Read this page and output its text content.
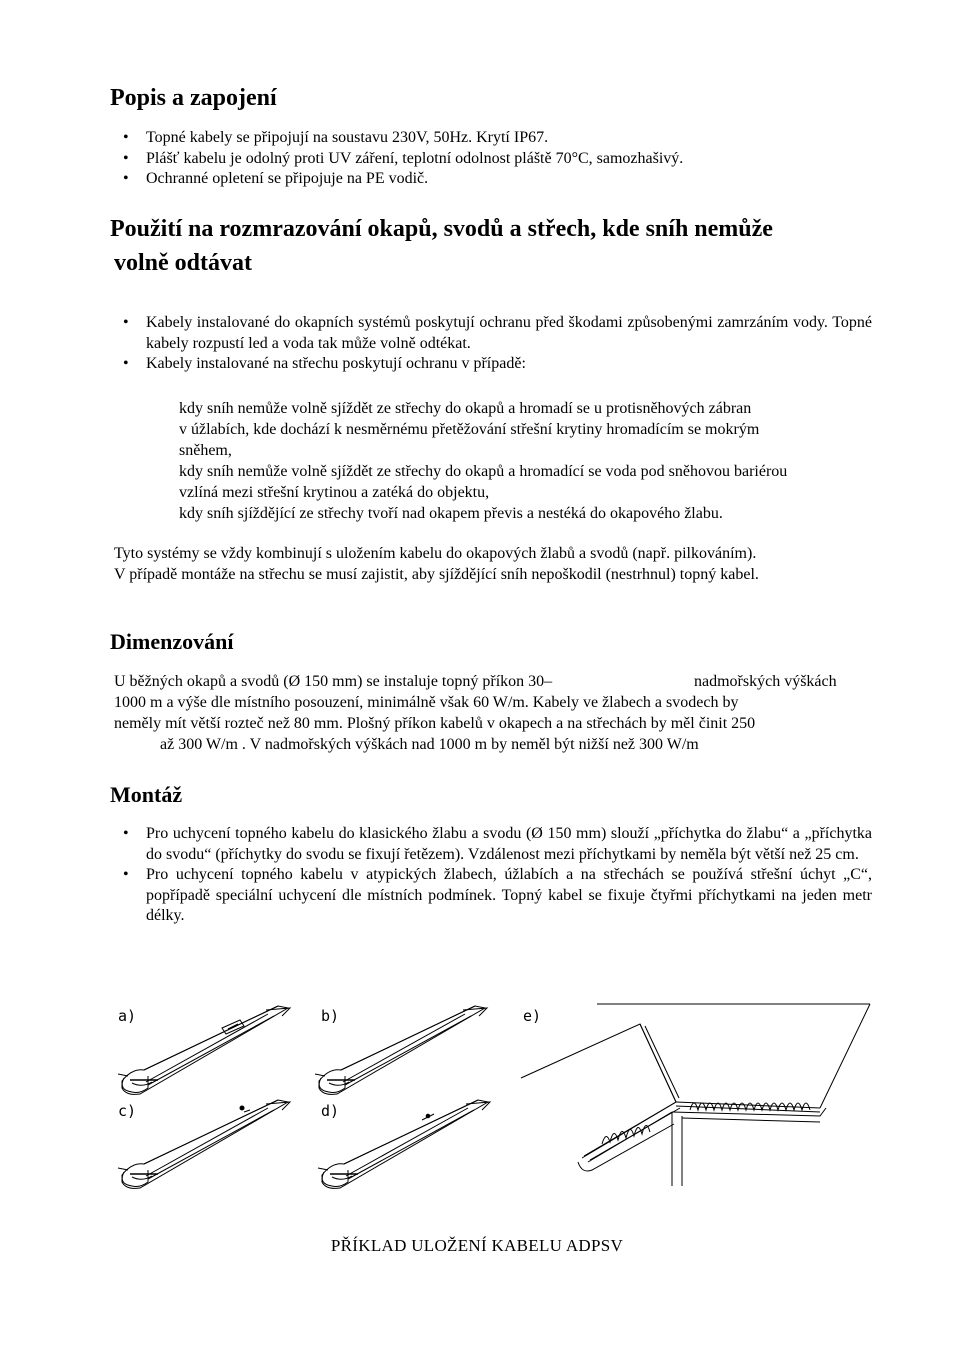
Popis a zapojení
• Topné kabely se připojují na soustavu 230V, 50Hz. Krytí IP67.
• Plášť kabelu je odolný proti UV záření, teplotní odolnost pláště 70°C, samozhašivý.
• Ochranné opletení se připojuje na PE vodič.
Použití na rozmrazování okapů, svodů a střech, kde sníh nemůže
volně odtávat
• Kabely instalované do okapních systémů poskytují ochranu před škodami způsobenými zamrzáním vody. Topné kabely rozpustí led a voda tak může volně odtékat.
• Kabely instalované na střechu poskytují ochranu v případě:
kdy sníh nemůže volně sjíždět ze střechy do okapů a hromadí se u protisněhových zábran
v úžlabích, kde dochází k nesměrnému přetěžování střešní krytiny hromadícím se mokrým
sněhem,
kdy sníh nemůže volně sjíždět ze střechy do okapů a hromadící se voda pod sněhovou bariérou
vzlíná mezi střešní krytinou a zatéká do objektu,
kdy sníh sjíždějící ze střechy tvoří nad okapem převis a nestéká do okapového žlabu.
Tyto systémy se vždy kombinují s uložením kabelu do okapových žlabů a svodů (např. pilkováním).
V případě montáže na střechu se musí zajistit, aby sjíždějící sníh nepoškodil (nestrhnul) topný kabel.
Dimenzování
U běžných okapů a svodů (Ø 150 mm) se instaluje topný příkon 30–	nadmořských výškách
1000 m a výše dle místního posouzení, minimálně však 60 W/m. Kabely ve žlabech a svodech by
neměly mít větší rozteč než 80 mm. Plošný příkon kabelů v okapech a na střechách by měl činit 250
až 300 W/m . V nadmořských výškách nad 1000 m by neměl být nižší než 300 W/m
Montáž
• Pro uchycení topného kabelu do klasického žlabu a svodu (Ø 150 mm) slouží „příchytka do žlabu“ a „příchytka do svodu“ (příchytky do svodu se fixují řetězem). Vzdálenost mezi příchytkami by neměla být větší než 25 cm.
• Pro uchycení topného kabelu v atypických žlabech, úžlabích a na střechách se používá střešní úchyt „C“, popřípadě speciální uchycení dle místních podmínek. Topný kabel se fixuje čtyřmi příchytkami na jeden metr délky.
a)	b)
c)	d)
e)
PŘÍKLAD ULOŽENÍ KABELU ADPSV
